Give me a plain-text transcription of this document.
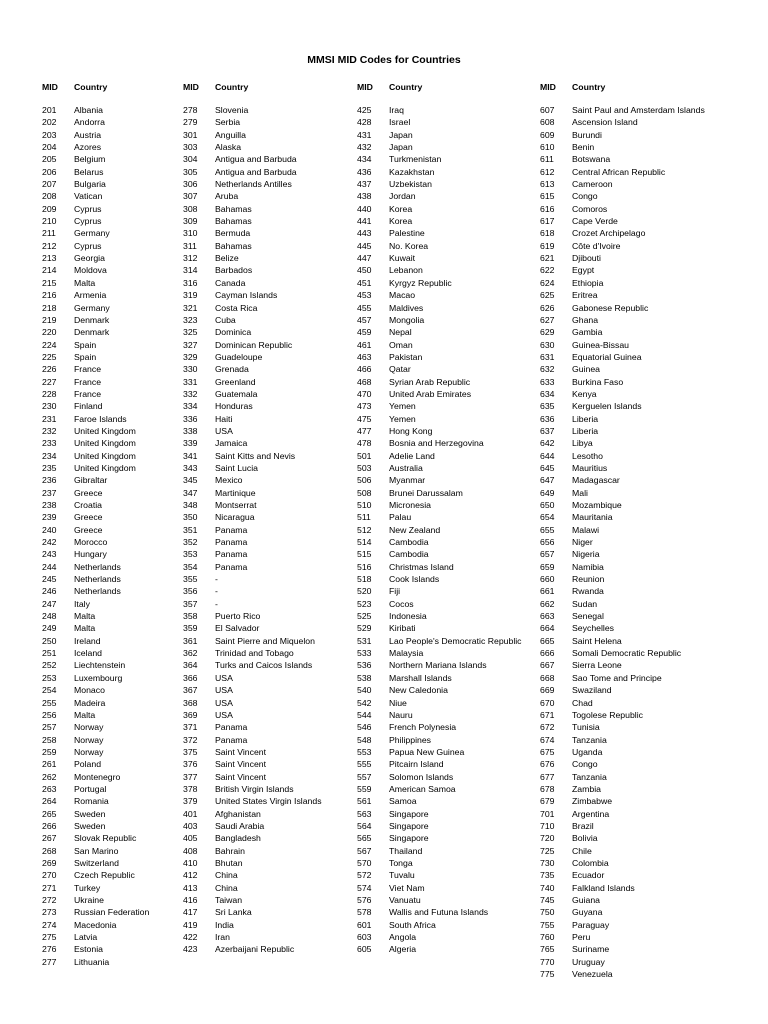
MMSI MID Codes for Countries
MID Country
201 Albania
202 Andorra
203 Austria
204 Azores
205 Belgium
206 Belarus
207 Bulgaria
208 Vatican
209 Cyprus
210 Cyprus
211 Germany
212 Cyprus
213 Georgia
214 Moldova
215 Malta
216 Armenia
218 Germany
219 Denmark
220 Denmark
224 Spain
225 Spain
226 France
227 France
228 France
230 Finland
231 Faroe Islands
232 United Kingdom
233 United Kingdom
234 United Kingdom
235 United Kingdom
236 Gibraltar
237 Greece
238 Croatia
239 Greece
240 Greece
242 Morocco
243 Hungary
244 Netherlands
245 Netherlands
246 Netherlands
247 Italy
248 Malta
249 Malta
250 Ireland
251 Iceland
252 Liechtenstein
253 Luxembourg
254 Monaco
255 Madeira
256 Malta
257 Norway
258 Norway
259 Norway
261 Poland
262 Montenegro
263 Portugal
264 Romania
265 Sweden
266 Sweden
267 Slovak Republic
268 San Marino
269 Switzerland
270 Czech Republic
271 Turkey
272 Ukraine
273 Russian Federation
274 Macedonia
275 Latvia
276 Estonia
277 Lithuania
MID Country
278 Slovenia
279 Serbia
301 Anguilla
303 Alaska
304 Antigua and Barbuda
305 Antigua and Barbuda
306 Netherlands Antilles
307 Aruba
308 Bahamas
309 Bahamas
310 Bermuda
311 Bahamas
312 Belize
314 Barbados
316 Canada
319 Cayman Islands
321 Costa Rica
323 Cuba
325 Dominica
327 Dominican Republic
329 Guadeloupe
330 Grenada
331 Greenland
332 Guatemala
334 Honduras
336 Haiti
338 USA
339 Jamaica
341 Saint Kitts and Nevis
343 Saint Lucia
345 Mexico
347 Martinique
348 Montserrat
350 Nicaragua
351 Panama
352 Panama
353 Panama
354 Panama
355 -
356 -
357 -
358 Puerto Rico
359 El Salvador
361 Saint Pierre and Miquelon
362 Trinidad and Tobago
364 Turks and Caicos Islands
366 USA
367 USA
368 USA
369 USA
371 Panama
372 Panama
375 Saint Vincent
376 Saint Vincent
377 Saint Vincent
378 British Virgin Islands
379 United States Virgin Islands
401 Afghanistan
403 Saudi Arabia
405 Bangladesh
408 Bahrain
410 Bhutan
412 China
413 China
416 Taiwan
417 Sri Lanka
419 India
422 Iran
423 Azerbaijani Republic
MID Country
425 Iraq
428 Israel
431 Japan
432 Japan
434 Turkmenistan
436 Kazakhstan
437 Uzbekistan
438 Jordan
440 Korea
441 Korea
443 Palestine
445 No. Korea
447 Kuwait
450 Lebanon
451 Kyrgyz Republic
453 Macao
455 Maldives
457 Mongolia
459 Nepal
461 Oman
463 Pakistan
466 Qatar
468 Syrian Arab Republic
470 United Arab Emirates
473 Yemen
475 Yemen
477 Hong Kong
478 Bosnia and Herzegovina
501 Adelie Land
503 Australia
506 Myanmar
508 Brunei Darussalam
510 Micronesia
511 Palau
512 New Zealand
514 Cambodia
515 Cambodia
516 Christmas Island
518 Cook Islands
520 Fiji
523 Cocos
525 Indonesia
529 Kiribati
531 Lao People's Democratic Republic
533 Malaysia
536 Northern Mariana Islands
538 Marshall Islands
540 New Caledonia
542 Niue
544 Nauru
546 French Polynesia
548 Philippines
553 Papua New Guinea
555 Pitcairn Island
557 Solomon Islands
559 American Samoa
561 Samoa
563 Singapore
564 Singapore
565 Singapore
567 Thailand
570 Tonga
572 Tuvalu
574 Viet Nam
576 Vanuatu
578 Wallis and Futuna Islands
601 South Africa
603 Angola
605 Algeria
MID Country
607 Saint Paul and Amsterdam Islands
608 Ascension Island
609 Burundi
610 Benin
611 Botswana
612 Central African Republic
613 Cameroon
615 Congo
616 Comoros
617 Cape Verde
618 Crozet Archipelago
619 Côte d'Ivoire
621 Djibouti
622 Egypt
624 Ethiopia
625 Eritrea
626 Gabonese Republic
627 Ghana
629 Gambia
630 Guinea-Bissau
631 Equatorial Guinea
632 Guinea
633 Burkina Faso
634 Kenya
635 Kerguelen Islands
636 Liberia
637 Liberia
642 Libya
644 Lesotho
645 Mauritius
647 Madagascar
649 Mali
650 Mozambique
654 Mauritania
655 Malawi
656 Niger
657 Nigeria
659 Namibia
660 Reunion
661 Rwanda
662 Sudan
663 Senegal
664 Seychelles
665 Saint Helena
666 Somali Democratic Republic
667 Sierra Leone
668 Sao Tome and Principe
669 Swaziland
670 Chad
671 Togolese Republic
672 Tunisia
674 Tanzania
675 Uganda
676 Congo
677 Tanzania
678 Zambia
679 Zimbabwe
701 Argentina
710 Brazil
720 Bolivia
725 Chile
730 Colombia
735 Ecuador
740 Falkland Islands
745 Guiana
750 Guyana
755 Paraguay
760 Peru
765 Suriname
770 Uruguay
775 Venezuela
